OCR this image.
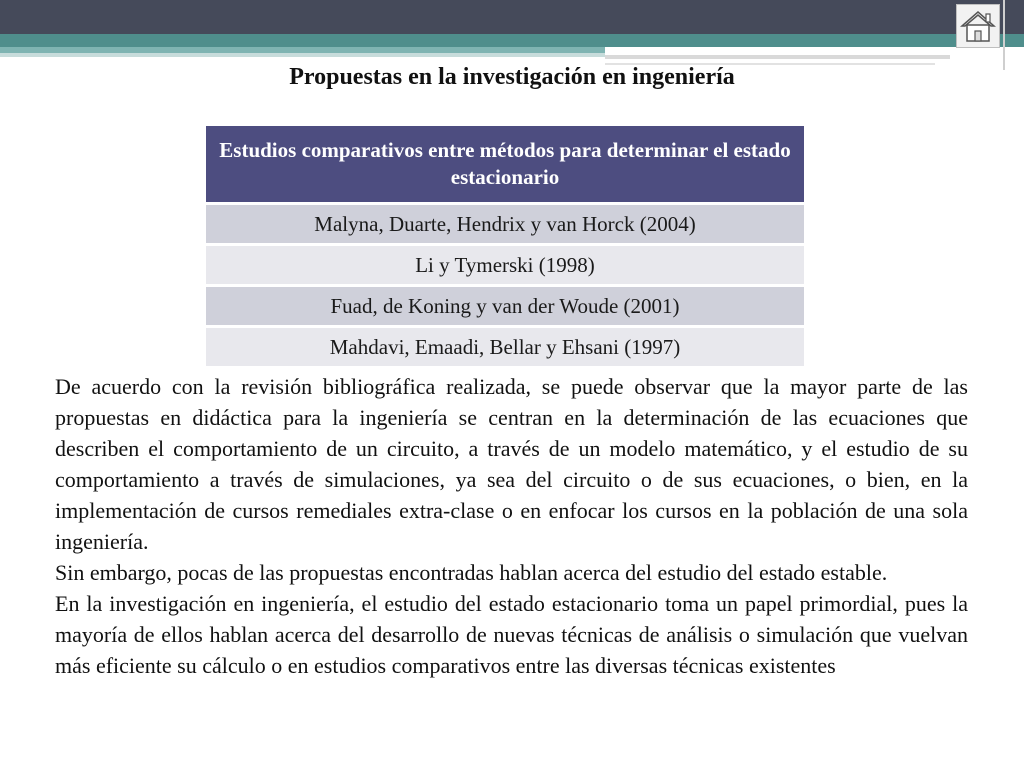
Propuestas en la investigación en ingeniería
Estudios comparativos entre métodos para determinar el estado estacionario
Malyna, Duarte, Hendrix y van Horck (2004)
Li y Tymerski (1998)
Fuad, de Koning y van der Woude (2001)
Mahdavi, Emaadi, Bellar y Ehsani (1997)

De acuerdo con la revisión bibliográfica realizada, se puede observar que la mayor parte de las propuestas en didáctica para la ingeniería se centran en la determinación de las ecuaciones que describen el comportamiento de un circuito, a través de un modelo matemático, y el estudio de su comportamiento a través de simulaciones, ya sea del circuito o de sus ecuaciones, o bien, en la implementación de cursos remediales extra-clase o en enfocar los cursos en la población de una sola ingeniería.

Sin embargo, pocas de las propuestas encontradas hablan acerca del estudio del estado estable.

En la investigación en ingeniería, el estudio del estado estacionario toma un papel primordial, pues la mayoría de ellos hablan acerca del desarrollo de nuevas técnicas de análisis o simulación que vuelvan más eficiente su cálculo o en estudios comparativos entre las diversas técnicas existentes
